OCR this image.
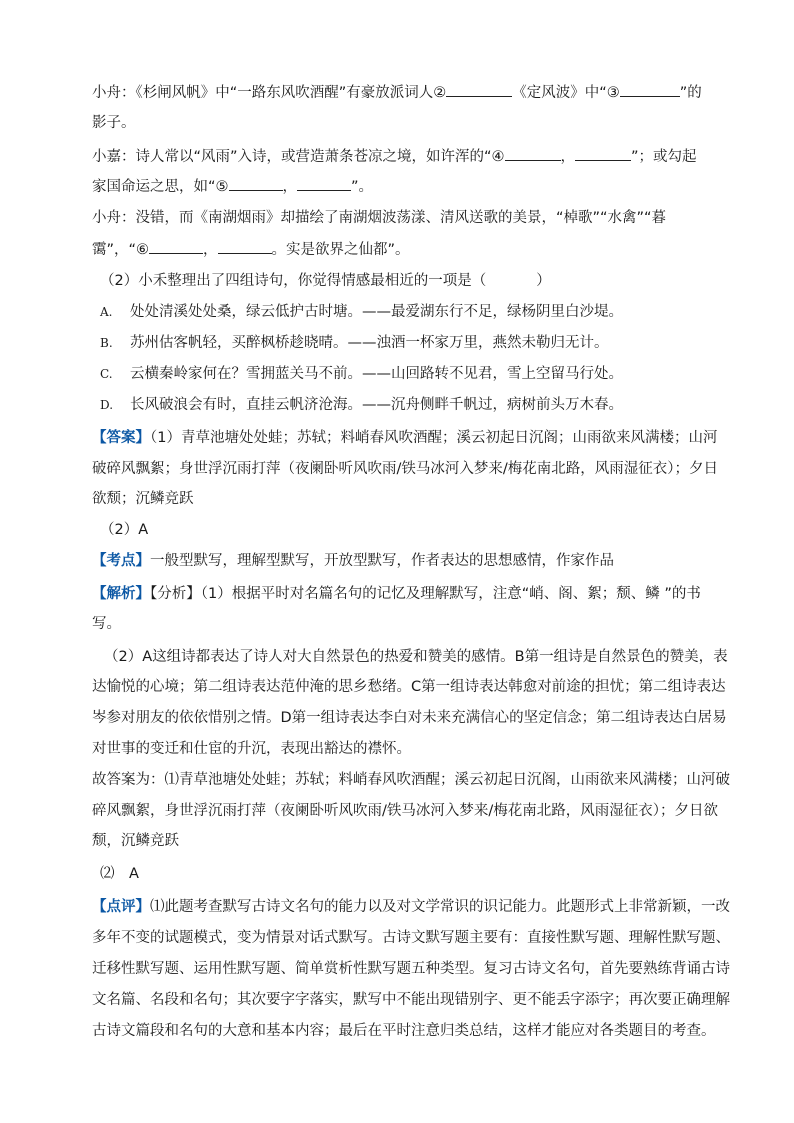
小舟：《杉闸风帆》中“一路东风吹酒醒”有豪放派词人②	《定风波》中“③	”的
影子。
小嘉：诗人常以“风雨”入诗，或营造萧条苍凉之境，如许浑的“④	，	”；或勾起
家国命运之思，如“⑤	，	”。
小舟：没错，而《南湖烟雨》却描绘了南湖烟波荡漾、清风送歌的美景，“棹歌”“水禽”“暮
霭”，“⑥	，	。实是欲界之仙都”。
（2）小禾整理出了四组诗句，你觉得情感最相近的一项是（	）
A. 处处清溪处处桑，绿云低护古时塘。——最爱湖东行不足，绿杨阴里白沙堤。
B. 苏州估客帆轻，买醉枫桥趁晓晴。——浊酒一杯家万里，燕然未勒归无计。
C. 云横秦岭家何在？雪拥蓝关马不前。——山回路转不见君，雪上空留马行处。
D. 长风破浪会有时，直挂云帆济沧海。——沉舟侧畔千帆过，病树前头万木春。
【答案】（1）青草池塘处处蛙；苏轼；料峭春风吹酒醒；溪云初起日沉阁；山雨欲来风满楼；山河
破碎风飘絮；身世浮沉雨打萍（夜阑卧听风吹雨/铁马冰河入梦来/梅花南北路，风雨湿征衣）；夕日
欲颓；沉鳞竞跃
（2）A
【考点】一般型默写，理解型默写，开放型默写，作者表达的思想感情，作家作品
【解析】【分析】（1）根据平时对名篇名句的记忆及理解默写，注意“峭、阁、絮；颓、鳞 ”的书
写。
（2）A这组诗都表达了诗人对大自然景色的热爱和赞美的感情。B第一组诗是自然景色的赞美，表
达愉悦的心境；第二组诗表达范仲淹的思乡愁绪。C第一组诗表达韩愈对前途的担忧；第二组诗表达
岑参对朋友的依依惜别之情。D第一组诗表达李白对未来充满信心的坚定信念；第二组诗表达白居易
对世事的变迁和仕宦的升沉，表现出豁达的襟怀。
故答案为：⑴青草池塘处处蛙；苏轼；料峭春风吹酒醒；溪云初起日沉阁，山雨欲来风满楼；山河破
碎风飘絮，身世浮沉雨打萍（夜阑卧听风吹雨/铁马冰河入梦来/梅花南北路，风雨湿征衣）；夕日欲
颓，沉鳞竞跃
⑵　A
【点评】⑴此题考查默写古诗文名句的能力以及对文学常识的识记能力。此题形式上非常新颖，一改
多年不变的试题模式，变为情景对话式默写。古诗文默写题主要有：直接性默写题、理解性默写题、
迁移性默写题、运用性默写题、简单赏析性默写题五种类型。复习古诗文名句，首先要熟练背诵古诗
文名篇、名段和名句；其次要字字落实，默写中不能出现错别字、更不能丢字添字；再次要正确理解
古诗文篇段和名句的大意和基本内容；最后在平时注意归类总结，这样才能应对各类题目的考查。
